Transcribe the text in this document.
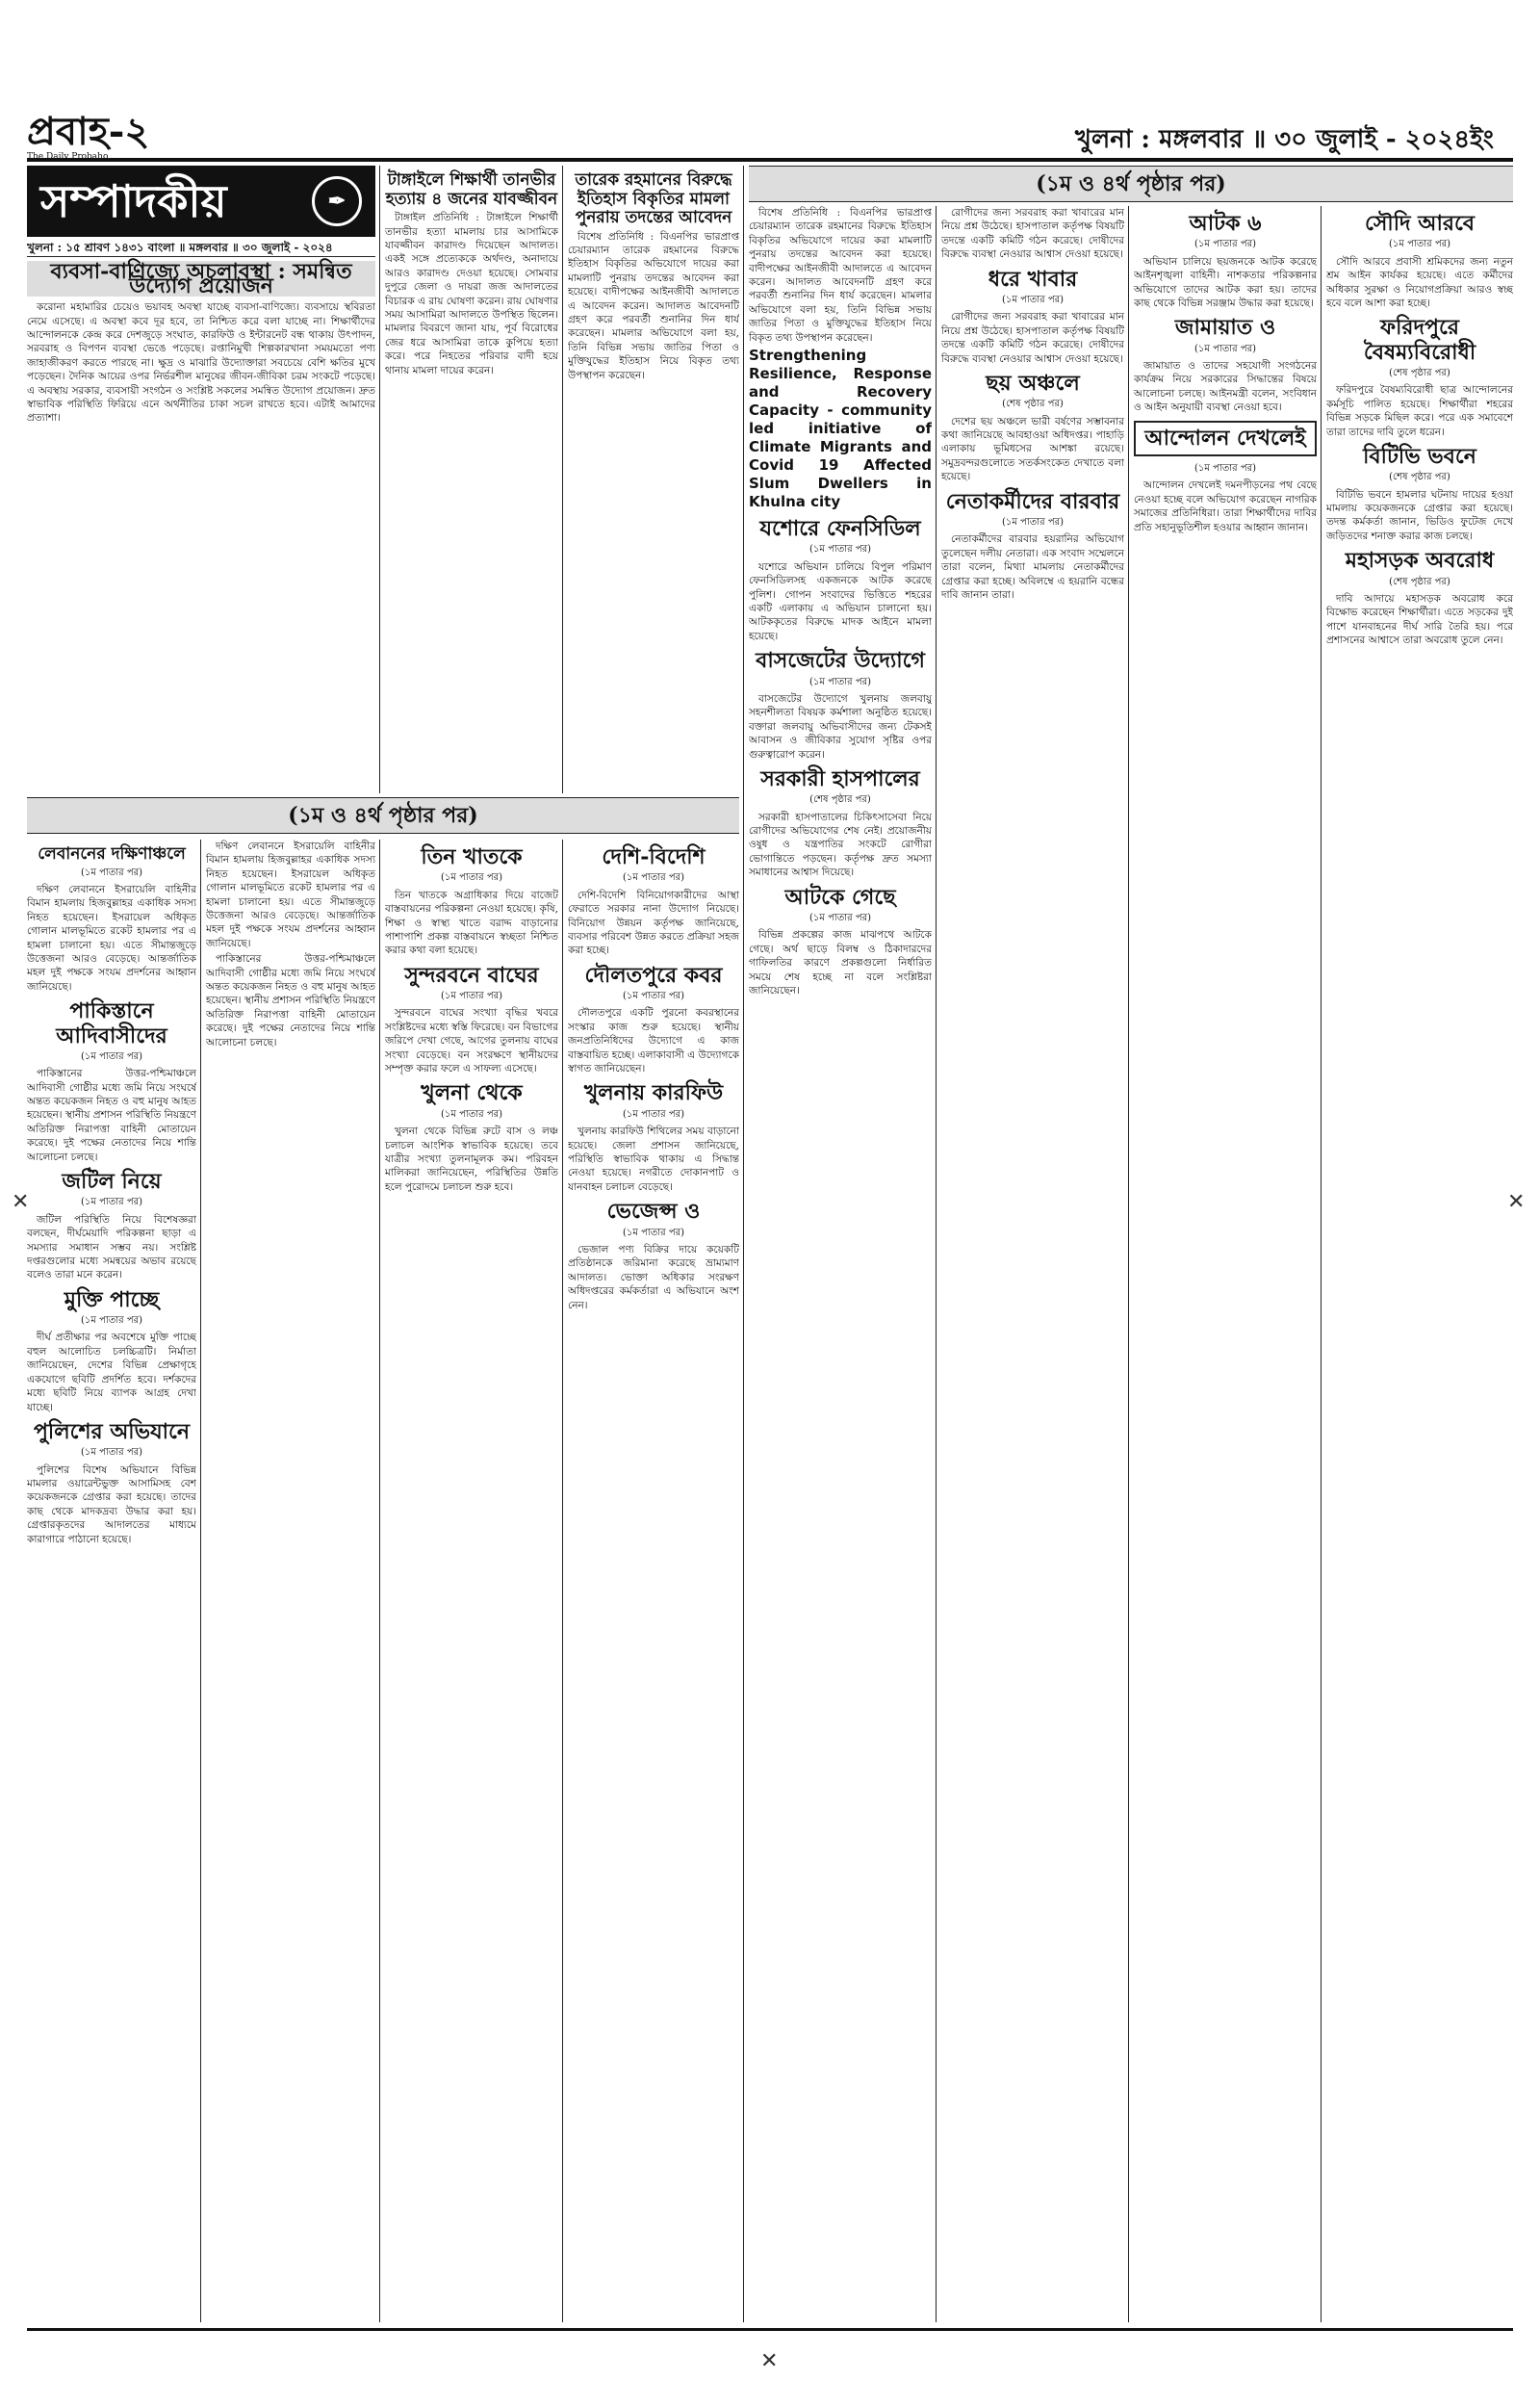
প্রবাহ-২
The Daily Probaho
খুলনা : মঙ্গলবার ॥ ৩০ জুলাই - ২০২৪ইং
সম্পাদকীয়	✒
খুলনা : ১৫ শ্রাবণ ১৪৩১ বাংলা ॥ মঙ্গলবার ॥ ৩০ জুলাই - ২০২৪
ব্যবসা-বাণিজ্যে অচলাবস্থা : সমন্বিত উদ্যোগ প্রয়োজন

করোনা মহামারির চেয়েও ভয়াবহ অবস্থা যাচ্ছে ব্যবসা-বাণিজ্যে। ব্যবসায়ে স্থবিরতা নেমে এসেছে। এ অবস্থা কবে দূর হবে, তা নিশ্চিত করে বলা যাচ্ছে না। শিক্ষার্থীদের আন্দোলনকে কেন্দ্র করে দেশজুড়ে সংঘাত, কারফিউ ও ইন্টারনেট বন্ধ থাকায় উৎপাদন, সরবরাহ ও বিপণন ব্যবস্থা ভেঙে পড়েছে। রপ্তানিমুখী শিল্পকারখানা সময়মতো পণ্য জাহাজীকরণ করতে পারছে না। ক্ষুদ্র ও মাঝারি উদ্যোক্তারা সবচেয়ে বেশি ক্ষতির মুখে পড়েছেন। দৈনিক আয়ের ওপর নির্ভরশীল মানুষের জীবন-জীবিকা চরম সংকটে পড়েছে। এ অবস্থায় সরকার, ব্যবসায়ী সংগঠন ও সংশ্লিষ্ট সকলের সমন্বিত উদ্যোগ প্রয়োজন। দ্রুত স্বাভাবিক পরিস্থিতি ফিরিয়ে এনে অর্থনীতির চাকা সচল রাখতে হবে। এটাই আমাদের প্রত্যাশা।

টাঙ্গাইলে শিক্ষার্থী তানভীর হত্যায় ৪ জনের যাবজ্জীবন

টাঙ্গাইল প্রতিনিধি : টাঙ্গাইলে শিক্ষার্থী তানভীর হত্যা মামলায় চার আসামিকে যাবজ্জীবন কারাদণ্ড দিয়েছেন আদালত। একই সঙ্গে প্রত্যেককে অর্থদণ্ড, অনাদায়ে আরও কারাদণ্ড দেওয়া হয়েছে। সোমবার দুপুরে জেলা ও দায়রা জজ আদালতের বিচারক এ রায় ঘোষণা করেন। রায় ঘোষণার সময় আসামিরা আদালতে উপস্থিত ছিলেন। মামলার বিবরণে জানা যায়, পূর্ব বিরোধের জের ধরে আসামিরা তাকে কুপিয়ে হত্যা করে। পরে নিহতের পরিবার বাদী হয়ে থানায় মামলা দায়ের করেন।

তারেক রহমানের বিরুদ্ধে ইতিহাস বিকৃতির মামলা পুনরায় তদন্তের আবেদন

বিশেষ প্রতিনিধি : বিএনপির ভারপ্রাপ্ত চেয়ারম্যান তারেক রহমানের বিরুদ্ধে ইতিহাস বিকৃতির অভিযোগে দায়ের করা মামলাটি পুনরায় তদন্তের আবেদন করা হয়েছে। বাদীপক্ষের আইনজীবী আদালতে এ আবেদন করেন। আদালত আবেদনটি গ্রহণ করে পরবর্তী শুনানির দিন ধার্য করেছেন। মামলার অভিযোগে বলা হয়, তিনি বিভিন্ন সভায় জাতির পিতা ও মুক্তিযুদ্ধের ইতিহাস নিয়ে বিকৃত তথ্য উপস্থাপন করেছেন।

(১ম ও ৪র্থ পৃষ্ঠার পর)
লেবাননের দক্ষিণাঞ্চলে
(১ম পাতার পর)

দক্ষিণ লেবাননে ইসরায়েলি বাহিনীর বিমান হামলায় হিজবুল্লাহর একাধিক সদস্য নিহত হয়েছেন। ইসরায়েল অধিকৃত গোলান মালভূমিতে রকেট হামলার পর এ হামলা চালানো হয়। এতে সীমান্তজুড়ে উত্তেজনা আরও বেড়েছে। আন্তর্জাতিক মহল দুই পক্ষকে সংযম প্রদর্শনের আহ্বান জানিয়েছে।

পাকিস্তানে আদিবাসীদের
(১ম পাতার পর)

পাকিস্তানের উত্তর-পশ্চিমাঞ্চলে আদিবাসী গোষ্ঠীর মধ্যে জমি নিয়ে সংঘর্ষে অন্তত কয়েকজন নিহত ও বহু মানুষ আহত হয়েছেন। স্থানীয় প্রশাসন পরিস্থিতি নিয়ন্ত্রণে অতিরিক্ত নিরাপত্তা বাহিনী মোতায়েন করেছে। দুই পক্ষের নেতাদের নিয়ে শান্তি আলোচনা চলছে।

জটিল নিয়ে
(১ম পাতার পর)

জটিল পরিস্থিতি নিয়ে বিশেষজ্ঞরা বলছেন, দীর্ঘমেয়াদি পরিকল্পনা ছাড়া এ সমস্যার সমাধান সম্ভব নয়। সংশ্লিষ্ট দপ্তরগুলোর মধ্যে সমন্বয়ের অভাব রয়েছে বলেও তারা মনে করেন।

মুক্তি পাচ্ছে
(১ম পাতার পর)

দীর্ঘ প্রতীক্ষার পর অবশেষে মুক্তি পাচ্ছে বহুল আলোচিত চলচ্চিত্রটি। নির্মাতা জানিয়েছেন, দেশের বিভিন্ন প্রেক্ষাগৃহে একযোগে ছবিটি প্রদর্শিত হবে। দর্শকদের মধ্যে ছবিটি নিয়ে ব্যাপক আগ্রহ দেখা যাচ্ছে।

পুলিশের অভিযানে
(১ম পাতার পর)

পুলিশের বিশেষ অভিযানে বিভিন্ন মামলার ওয়ারেন্টভুক্ত আসামিসহ বেশ কয়েকজনকে গ্রেপ্তার করা হয়েছে। তাদের কাছ থেকে মাদকদ্রব্য উদ্ধার করা হয়। গ্রেপ্তারকৃতদের আদালতের মাধ্যমে কারাগারে পাঠানো হয়েছে।

দক্ষিণ লেবাননে ইসরায়েলি বাহিনীর বিমান হামলায় হিজবুল্লাহর একাধিক সদস্য নিহত হয়েছেন। ইসরায়েল অধিকৃত গোলান মালভূমিতে রকেট হামলার পর এ হামলা চালানো হয়। এতে সীমান্তজুড়ে উত্তেজনা আরও বেড়েছে। আন্তর্জাতিক মহল দুই পক্ষকে সংযম প্রদর্শনের আহ্বান জানিয়েছে।

পাকিস্তানের উত্তর-পশ্চিমাঞ্চলে আদিবাসী গোষ্ঠীর মধ্যে জমি নিয়ে সংঘর্ষে অন্তত কয়েকজন নিহত ও বহু মানুষ আহত হয়েছেন। স্থানীয় প্রশাসন পরিস্থিতি নিয়ন্ত্রণে অতিরিক্ত নিরাপত্তা বাহিনী মোতায়েন করেছে। দুই পক্ষের নেতাদের নিয়ে শান্তি আলোচনা চলছে।

তিন খাতকে
(১ম পাতার পর)

তিন খাতকে অগ্রাধিকার দিয়ে বাজেট বাস্তবায়নের পরিকল্পনা নেওয়া হয়েছে। কৃষি, শিক্ষা ও স্বাস্থ্য খাতে বরাদ্দ বাড়ানোর পাশাপাশি প্রকল্প বাস্তবায়নে স্বচ্ছতা নিশ্চিত করার কথা বলা হয়েছে।

সুন্দরবনে বাঘের
(১ম পাতার পর)

সুন্দরবনে বাঘের সংখ্যা বৃদ্ধির খবরে সংশ্লিষ্টদের মধ্যে স্বস্তি ফিরেছে। বন বিভাগের জরিপে দেখা গেছে, আগের তুলনায় বাঘের সংখ্যা বেড়েছে। বন সংরক্ষণে স্থানীয়দের সম্পৃক্ত করার ফলে এ সাফল্য এসেছে।

খুলনা থেকে
(১ম পাতার পর)

খুলনা থেকে বিভিন্ন রুটে বাস ও লঞ্চ চলাচল আংশিক স্বাভাবিক হয়েছে। তবে যাত্রীর সংখ্যা তুলনামূলক কম। পরিবহন মালিকরা জানিয়েছেন, পরিস্থিতির উন্নতি হলে পুরোদমে চলাচল শুরু হবে।

দেশি-বিদেশি
(১ম পাতার পর)

দেশি-বিদেশি বিনিয়োগকারীদের আস্থা ফেরাতে সরকার নানা উদ্যোগ নিয়েছে। বিনিয়োগ উন্নয়ন কর্তৃপক্ষ জানিয়েছে, ব্যবসার পরিবেশ উন্নত করতে প্রক্রিয়া সহজ করা হচ্ছে।

দৌলতপুরে কবর
(১ম পাতার পর)

দৌলতপুরে একটি পুরনো কবরস্থানের সংস্কার কাজ শুরু হয়েছে। স্থানীয় জনপ্রতিনিধিদের উদ্যোগে এ কাজ বাস্তবায়িত হচ্ছে। এলাকাবাসী এ উদ্যোগকে স্বাগত জানিয়েছেন।

খুলনায় কারফিউ
(১ম পাতার পর)

খুলনায় কারফিউ শিথিলের সময় বাড়ানো হয়েছে। জেলা প্রশাসন জানিয়েছে, পরিস্থিতি স্বাভাবিক থাকায় এ সিদ্ধান্ত নেওয়া হয়েছে। নগরীতে দোকানপাট ও যানবাহন চলাচল বেড়েছে।

ভেজেপ্স ও
(১ম পাতার পর)

ভেজাল পণ্য বিক্রির দায়ে কয়েকটি প্রতিষ্ঠানকে জরিমানা করেছে ভ্রাম্যমাণ আদালত। ভোক্তা অধিকার সংরক্ষণ অধিদপ্তরের কর্মকর্তারা এ অভিযানে অংশ নেন।

(১ম ও ৪র্থ পৃষ্ঠার পর)

বিশেষ প্রতিনিধি : বিএনপির ভারপ্রাপ্ত চেয়ারম্যান তারেক রহমানের বিরুদ্ধে ইতিহাস বিকৃতির অভিযোগে দায়ের করা মামলাটি পুনরায় তদন্তের আবেদন করা হয়েছে। বাদীপক্ষের আইনজীবী আদালতে এ আবেদন করেন। আদালত আবেদনটি গ্রহণ করে পরবর্তী শুনানির দিন ধার্য করেছেন। মামলার অভিযোগে বলা হয়, তিনি বিভিন্ন সভায় জাতির পিতা ও মুক্তিযুদ্ধের ইতিহাস নিয়ে বিকৃত তথ্য উপস্থাপন করেছেন।

Strengthening Resilience, Response and Recovery Capacity - community led initiative of Climate Migrants and Covid 19 Affected Slum Dwellers in Khulna city
যশোরে ফেনসিডিল
(১ম পাতার পর)

যশোরে অভিযান চালিয়ে বিপুল পরিমাণ ফেনসিডিলসহ একজনকে আটক করেছে পুলিশ। গোপন সংবাদের ভিত্তিতে শহরের একটি এলাকায় এ অভিযান চালানো হয়। আটককৃতের বিরুদ্ধে মাদক আইনে মামলা হয়েছে।

বাসজেটের উদ্যোগে
(১ম পাতার পর)

বাসজেটের উদ্যোগে খুলনায় জলবায়ু সহনশীলতা বিষয়ক কর্মশালা অনুষ্ঠিত হয়েছে। বক্তারা জলবায়ু অভিবাসীদের জন্য টেকসই আবাসন ও জীবিকার সুযোগ সৃষ্টির ওপর গুরুত্বারোপ করেন।

সরকারী হাসপালের
(শেষ পৃষ্ঠার পর)

সরকারী হাসপাতালের চিকিৎসাসেবা নিয়ে রোগীদের অভিযোগের শেষ নেই। প্রয়োজনীয় ওষুধ ও যন্ত্রপাতির সংকটে রোগীরা ভোগান্তিতে পড়ছেন। কর্তৃপক্ষ দ্রুত সমস্যা সমাধানের আশ্বাস দিয়েছে।

আটকে গেছে
(১ম পাতার পর)

বিভিন্ন প্রকল্পের কাজ মাঝপথে আটকে গেছে। অর্থ ছাড়ে বিলম্ব ও ঠিকাদারদের গাফিলতির কারণে প্রকল্পগুলো নির্ধারিত সময়ে শেষ হচ্ছে না বলে সংশ্লিষ্টরা জানিয়েছেন।

রোগীদের জন্য সরবরাহ করা খাবারের মান নিয়ে প্রশ্ন উঠেছে। হাসপাতাল কর্তৃপক্ষ বিষয়টি তদন্তে একটি কমিটি গঠন করেছে। দোষীদের বিরুদ্ধে ব্যবস্থা নেওয়ার আশ্বাস দেওয়া হয়েছে।

ধরে খাবার
(১ম পাতার পর)

রোগীদের জন্য সরবরাহ করা খাবারের মান নিয়ে প্রশ্ন উঠেছে। হাসপাতাল কর্তৃপক্ষ বিষয়টি তদন্তে একটি কমিটি গঠন করেছে। দোষীদের বিরুদ্ধে ব্যবস্থা নেওয়ার আশ্বাস দেওয়া হয়েছে।

ছয় অঞ্চলে
(শেষ পৃষ্ঠার পর)

দেশের ছয় অঞ্চলে ভারী বর্ষণের সম্ভাবনার কথা জানিয়েছে আবহাওয়া অধিদপ্তর। পাহাড়ি এলাকায় ভূমিধসের আশঙ্কা রয়েছে। সমুদ্রবন্দরগুলোতে সতর্কসংকেত দেখাতে বলা হয়েছে।

নেতাকর্মীদের বারবার
(১ম পাতার পর)

নেতাকর্মীদের বারবার হয়রানির অভিযোগ তুলেছেন দলীয় নেতারা। এক সংবাদ সম্মেলনে তারা বলেন, মিথ্যা মামলায় নেতাকর্মীদের গ্রেপ্তার করা হচ্ছে। অবিলম্বে এ হয়রানি বন্ধের দাবি জানান তারা।

আটক ৬
(১ম পাতার পর)

অভিযান চালিয়ে ছয়জনকে আটক করেছে আইনশৃঙ্খলা বাহিনী। নাশকতার পরিকল্পনার অভিযোগে তাদের আটক করা হয়। তাদের কাছ থেকে বিভিন্ন সরঞ্জাম উদ্ধার করা হয়েছে।

জামায়াত ও
(১ম পাতার পর)

জামায়াত ও তাদের সহযোগী সংগঠনের কার্যক্রম নিয়ে সরকারের সিদ্ধান্তের বিষয়ে আলোচনা চলছে। আইনমন্ত্রী বলেন, সংবিধান ও আইন অনুযায়ী ব্যবস্থা নেওয়া হবে।

আন্দোলন দেখলেই
(১ম পাতার পর)

আন্দোলন দেখলেই দমনপীড়নের পথ বেছে নেওয়া হচ্ছে বলে অভিযোগ করেছেন নাগরিক সমাজের প্রতিনিধিরা। তারা শিক্ষার্থীদের দাবির প্রতি সহানুভূতিশীল হওয়ার আহ্বান জানান।

সৌদি আরবে
(১ম পাতার পর)

সৌদি আরবে প্রবাসী শ্রমিকদের জন্য নতুন শ্রম আইন কার্যকর হয়েছে। এতে কর্মীদের অধিকার সুরক্ষা ও নিয়োগপ্রক্রিয়া আরও স্বচ্ছ হবে বলে আশা করা হচ্ছে।

ফরিদপুরে বৈষম্যবিরোধী
(শেষ পৃষ্ঠার পর)

ফরিদপুরে বৈষম্যবিরোধী ছাত্র আন্দোলনের কর্মসূচি পালিত হয়েছে। শিক্ষার্থীরা শহরের বিভিন্ন সড়কে মিছিল করে। পরে এক সমাবেশে তারা তাদের দাবি তুলে ধরেন।

বিটিভি ভবনে
(শেষ পৃষ্ঠার পর)

বিটিভি ভবনে হামলার ঘটনায় দায়ের হওয়া মামলায় কয়েকজনকে গ্রেপ্তার করা হয়েছে। তদন্ত কর্মকর্তা জানান, ভিডিও ফুটেজ দেখে জড়িতদের শনাক্ত করার কাজ চলছে।

মহাসড়ক অবরোধ
(শেষ পৃষ্ঠার পর)

দাবি আদায়ে মহাসড়ক অবরোধ করে বিক্ষোভ করেছেন শিক্ষার্থীরা। এতে সড়কের দুই পাশে যানবাহনের দীর্ঘ সারি তৈরি হয়। পরে প্রশাসনের আশ্বাসে তারা অবরোধ তুলে নেন।

✕	✕
✕
